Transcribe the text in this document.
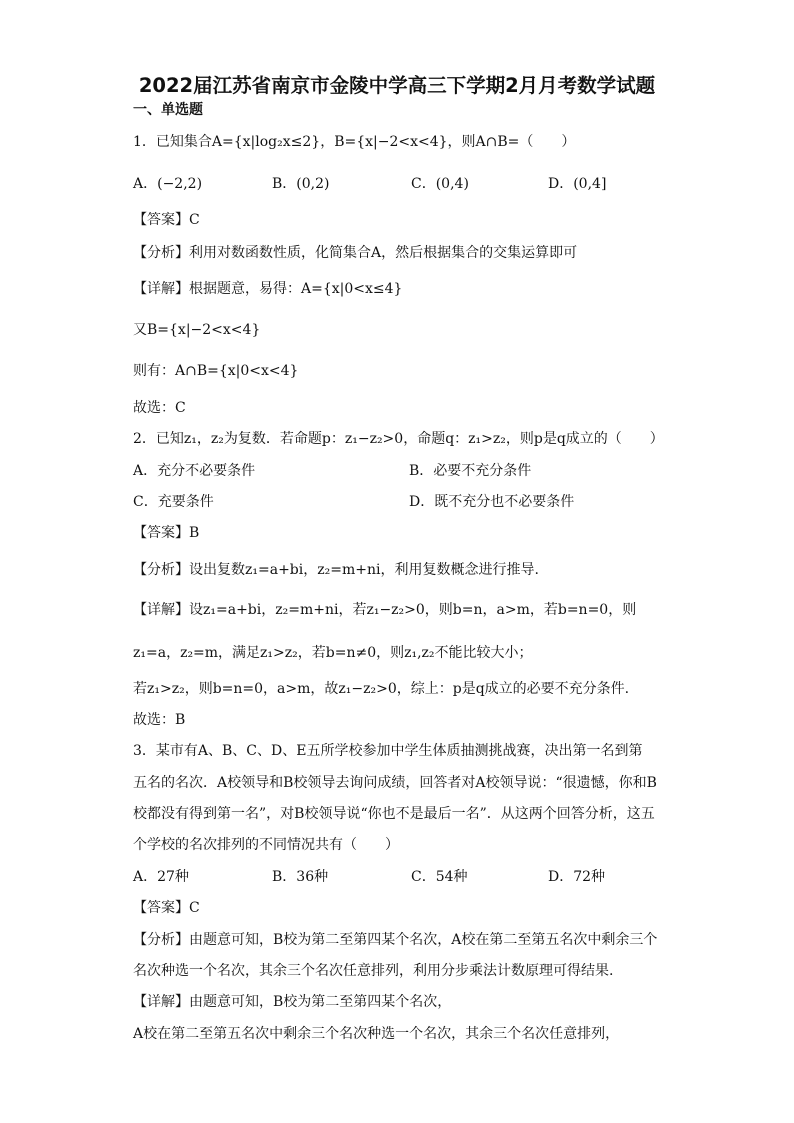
2022届江苏省南京市金陵中学高三下学期2月月考数学试题
一、单选题
1．已知集合A={x|log₂x≤2}，B={x|−2<x<4}，则A∩B=（　　）
A．(−2,2)	B．(0,2)	C．(0,4)	D．(0,4]
【答案】C
【分析】利用对数函数性质，化简集合A，然后根据集合的交集运算即可
【详解】根据题意，易得：A={x|0<x≤4}
又B={x|−2<x<4}
则有：A∩B={x|0<x<4}
故选：C
2．已知z₁，z₂为复数．若命题p：z₁−z₂>0，命题q：z₁>z₂，则p是q成立的（　　）
A．充分不必要条件	B．必要不充分条件
C．充要条件	D．既不充分也不必要条件
【答案】B
【分析】设出复数z₁=a+bi，z₂=m+ni，利用复数概念进行推导.
【详解】设z₁=a+bi，z₂=m+ni，若z₁−z₂>0，则b=n，a>m，若b=n=0，则
z₁=a，z₂=m，满足z₁>z₂，若b=n≠0，则z₁,z₂不能比较大小；
若z₁>z₂，则b=n=0，a>m，故z₁−z₂>0，综上：p是q成立的必要不充分条件.
故选：B
3．某市有A、B、C、D、E五所学校参加中学生体质抽测挑战赛，决出第一名到第
五名的名次．A校领导和B校领导去询问成绩，回答者对A校领导说：“很遗憾，你和B
校都没有得到第一名”，对B校领导说“你也不是最后一名”．从这两个回答分析，这五
个学校的名次排列的不同情况共有（　　）
A．27种	B．36种	C．54种	D．72种
【答案】C
【分析】由题意可知，B校为第二至第四某个名次，A校在第二至第五名次中剩余三个
名次种选一个名次，其余三个名次任意排列，利用分步乘法计数原理可得结果.
【详解】由题意可知，B校为第二至第四某个名次，
A校在第二至第五名次中剩余三个名次种选一个名次，其余三个名次任意排列，
